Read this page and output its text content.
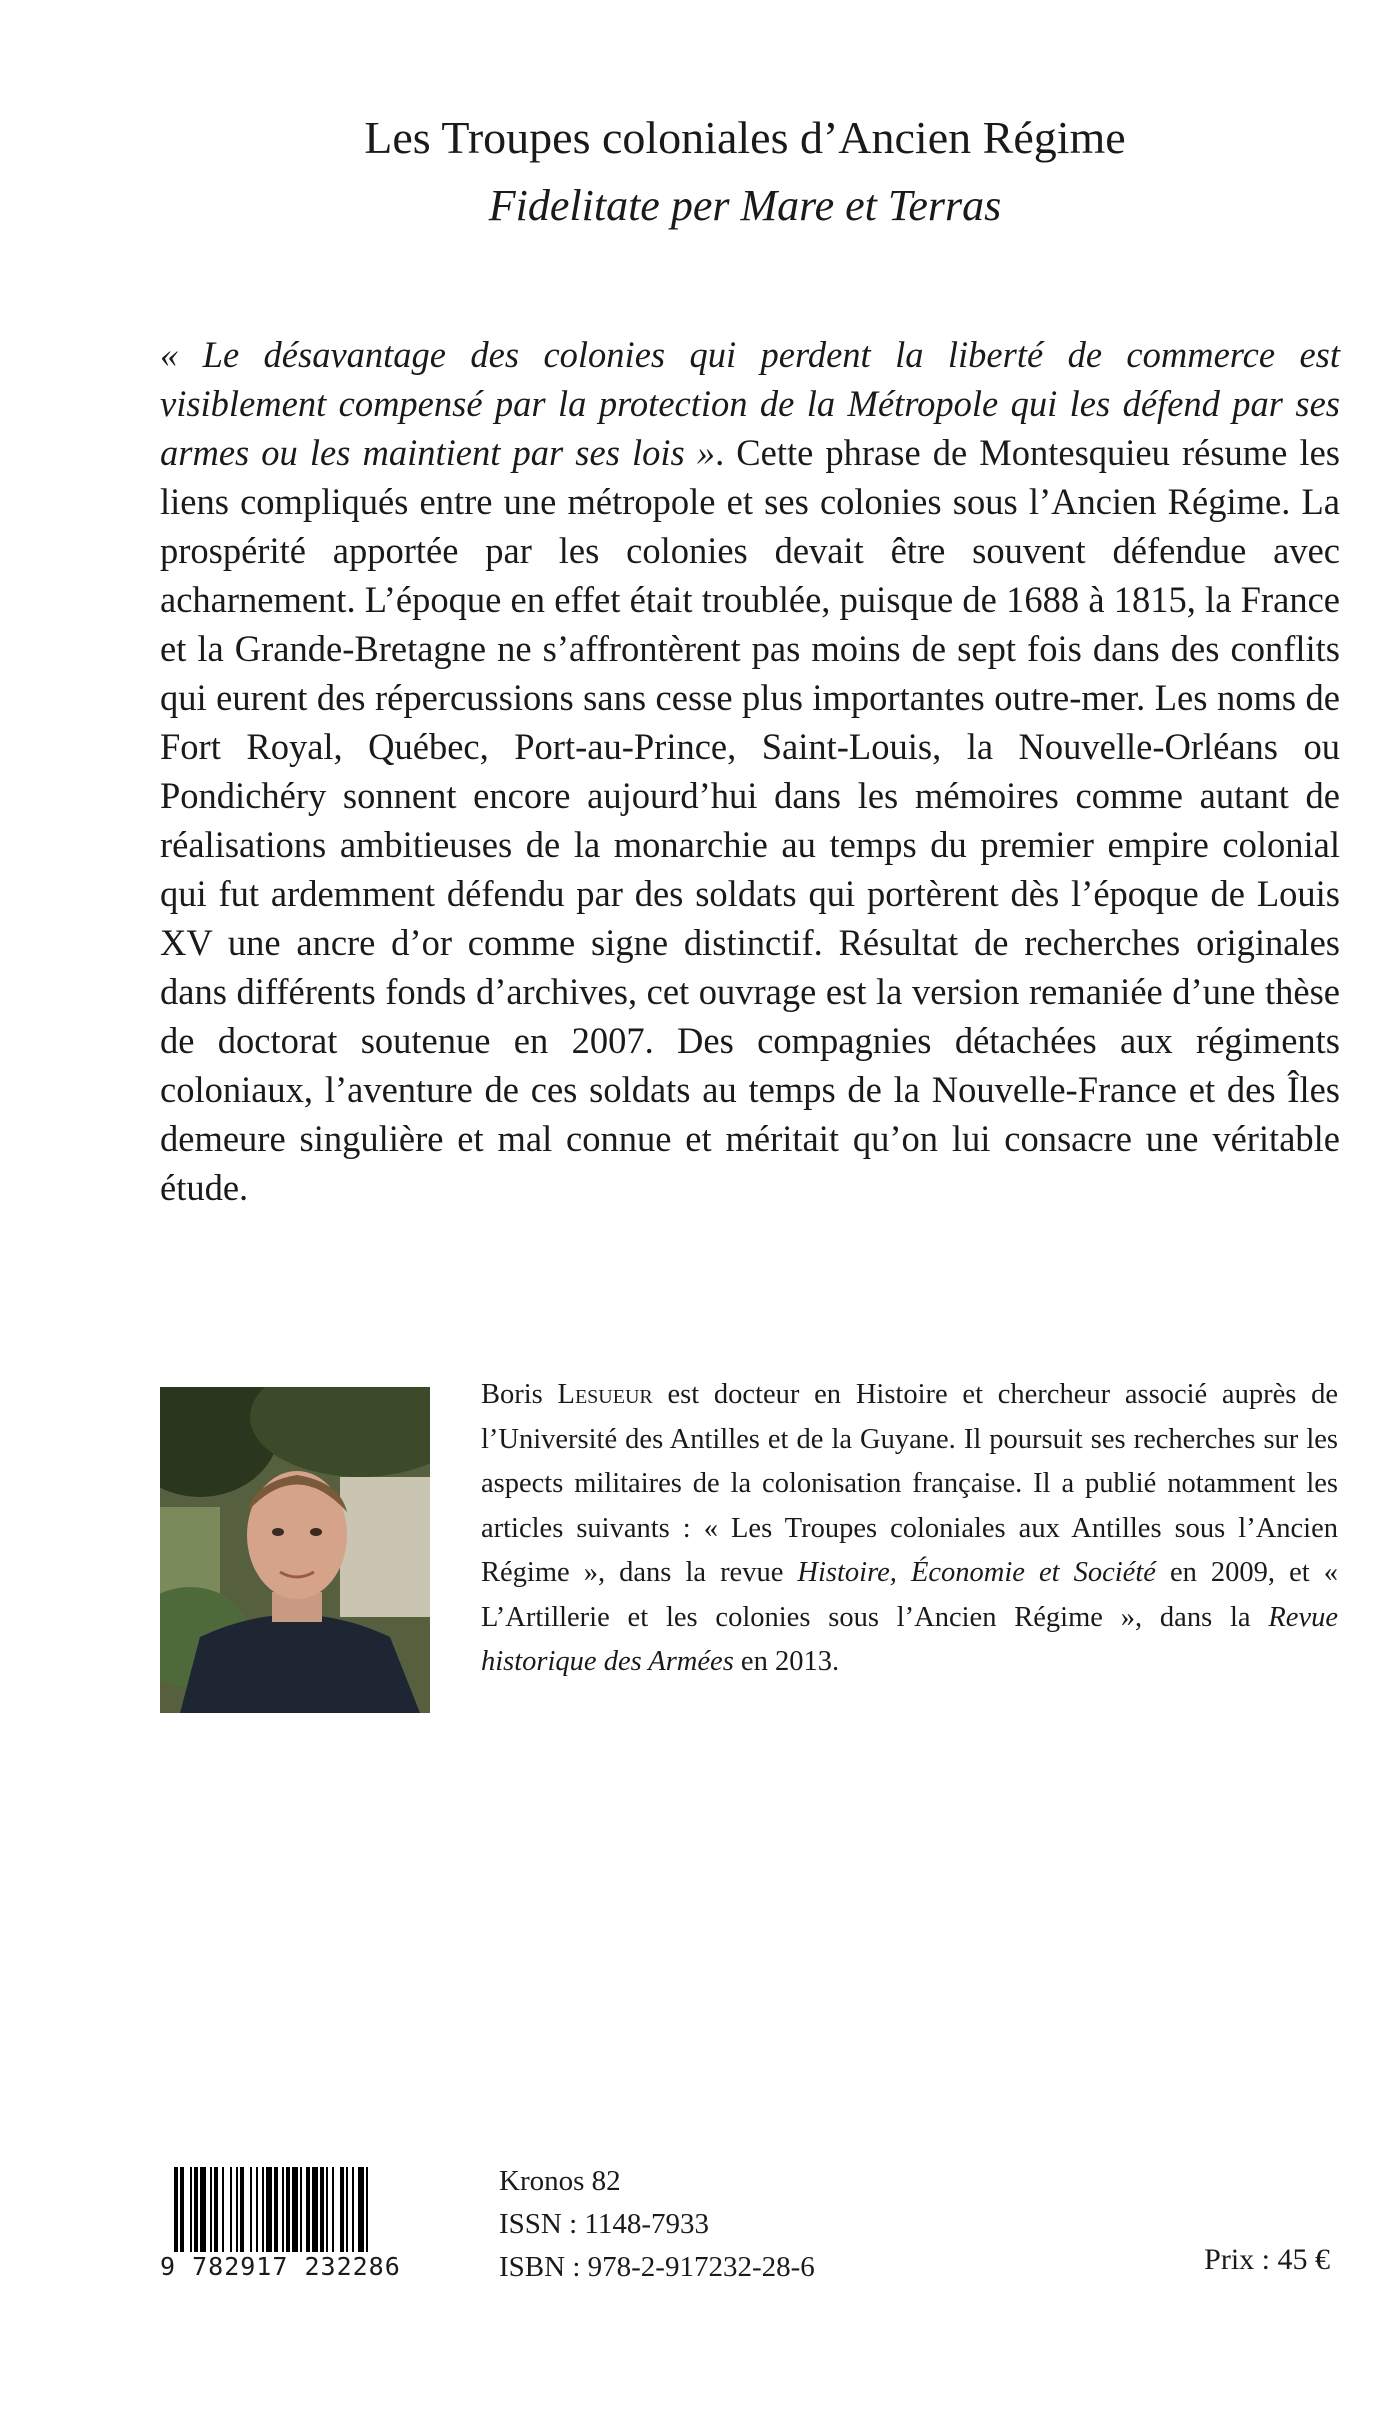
Les Troupes coloniales d’Ancien Régime
Fidelitate per Mare et Terras
« Le désavantage des colonies qui perdent la liberté de commerce est visiblement compensé par la protection de la Métropole qui les défend par ses armes ou les maintient par ses lois ». Cette phrase de Montesquieu résume les liens compliqués entre une métropole et ses colonies sous l’Ancien Régime. La prospérité apportée par les colonies devait être souvent défendue avec acharnement. L’époque en effet était troublée, puisque de 1688 à 1815, la France et la Grande-Bretagne ne s’affrontèrent pas moins de sept fois dans des conflits qui eurent des répercussions sans cesse plus importantes outre-mer. Les noms de Fort Royal, Québec, Port-au-Prince, Saint-Louis, la Nouvelle-Orléans ou Pondichéry sonnent encore aujourd’hui dans les mémoires comme autant de réalisations ambitieuses de la monarchie au temps du premier empire colonial qui fut ardemment défendu par des soldats qui portèrent dès l’époque de Louis XV une ancre d’or comme signe distinctif. Résultat de recherches originales dans différents fonds d’archives, cet ouvrage est la version remaniée d’une thèse de doctorat soutenue en 2007. Des compagnies détachées aux régiments coloniaux, l’aventure de ces soldats au temps de la Nouvelle-France et des Îles demeure singulière et mal connue et méritait qu’on lui consacre une véritable étude.
Boris Lesueur est docteur en Histoire et chercheur associé auprès de l’Université des Antilles et de la Guyane. Il poursuit ses recherches sur les aspects militaires de la colonisation française. Il a publié notamment les articles suivants : « Les Troupes coloniales aux Antilles sous l’Ancien Régime », dans la revue Histoire, Économie et Société en 2009, et « L’Artillerie et les colonies sous l’Ancien Régime », dans la Revue historique des Armées en 2013.
9 782917 232286
Kronos 82
ISSN : 1148-7933
ISBN : 978-2-917232-28-6	Prix : 45 €
